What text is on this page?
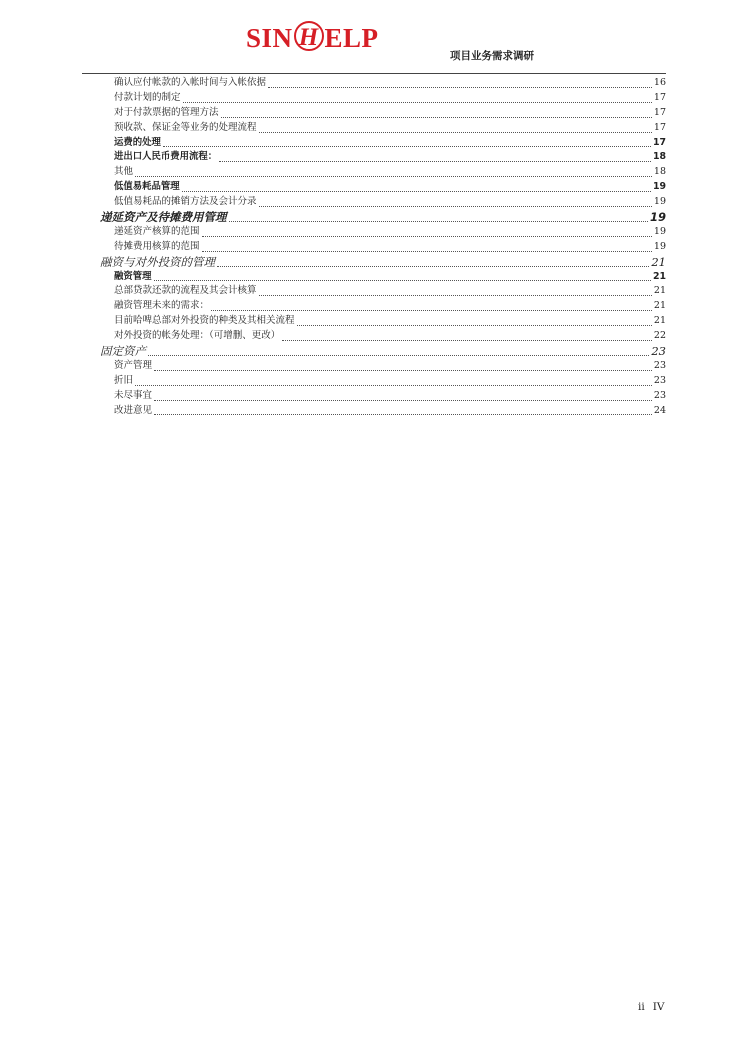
SIN H ELP
项目业务需求调研
确认应付帐款的入帐时间与入帐依据	16
付款计划的制定	17
对于付款票据的管理方法	17
预收款、保证金等业务的处理流程	17
运费的处理	17
进出口人民币费用流程：	18
其他	18
低值易耗品管理	19
低值易耗品的摊销方法及会计分录	19
递延资产及待摊费用管理	19
递延资产核算的范围	19
待摊费用核算的范围	19
融资与对外投资的管理	21
融资管理	21
总部贷款还款的流程及其会计核算	21
融资管理未来的需求：	21
目前哈啤总部对外投资的种类及其相关流程	21
对外投资的帐务处理：（可增删、更改）	22
固定资产	23
资产管理	23
折旧	23
未尽事宜	23
改进意见	24
ii IV
